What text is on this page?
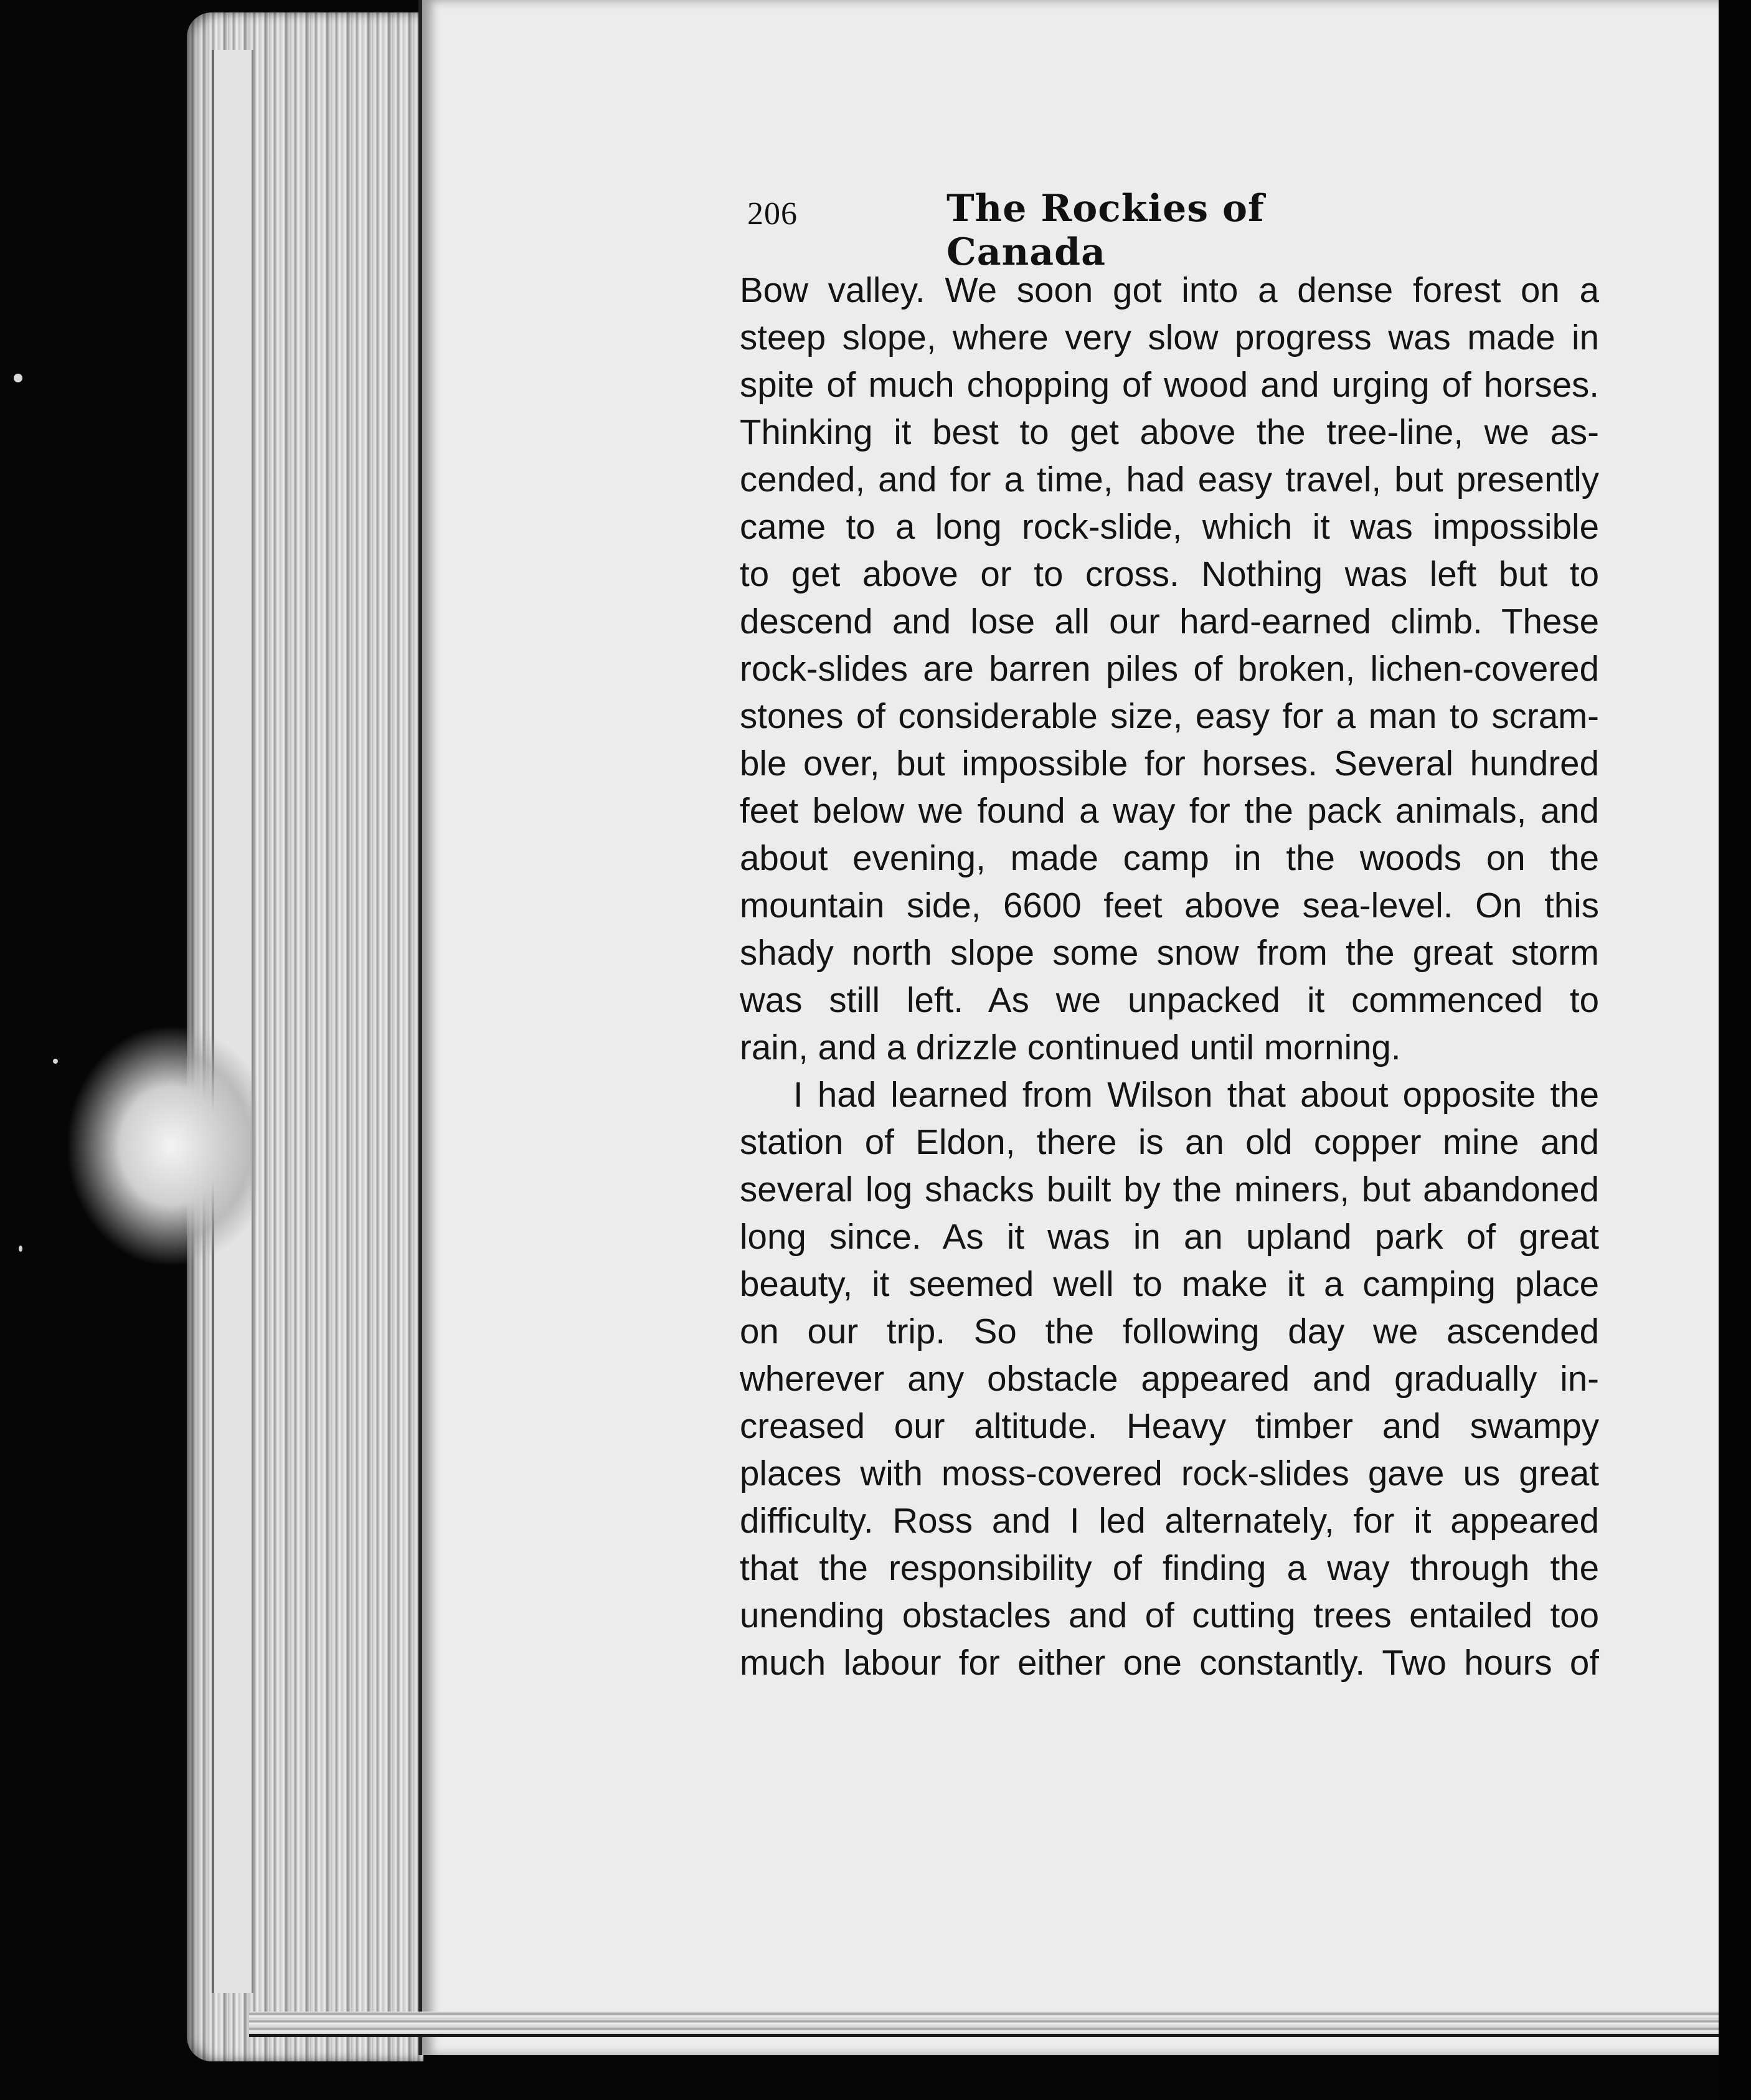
206	The Rockies of Canada
Bow valley. We soon got into a dense forest on a
steep slope, where very slow progress was made in
spite of much chopping of wood and urging of horses.
Thinking it best to get above the tree-line, we as-
cended, and for a time, had easy travel, but presently
came to a long rock-slide, which it was impossible
to get above or to cross. Nothing was left but to
descend and lose all our hard-earned climb. These
rock-slides are barren piles of broken, lichen-covered
stones of considerable size, easy for a man to scram-
ble over, but impossible for horses. Several hundred
feet below we found a way for the pack animals, and
about evening, made camp in the woods on the
mountain side, 6600 feet above sea-level. On this
shady north slope some snow from the great storm
was still left. As we unpacked it commenced to
rain, and a drizzle continued until morning.
I had learned from Wilson that about opposite the
station of Eldon, there is an old copper mine and
several log shacks built by the miners, but abandoned
long since. As it was in an upland park of great
beauty, it seemed well to make it a camping place
on our trip. So the following day we ascended
wherever any obstacle appeared and gradually in-
creased our altitude. Heavy timber and swampy
places with moss-covered rock-slides gave us great
difficulty. Ross and I led alternately, for it appeared
that the responsibility of finding a way through the
unending obstacles and of cutting trees entailed too
much labour for either one constantly. Two hours of
